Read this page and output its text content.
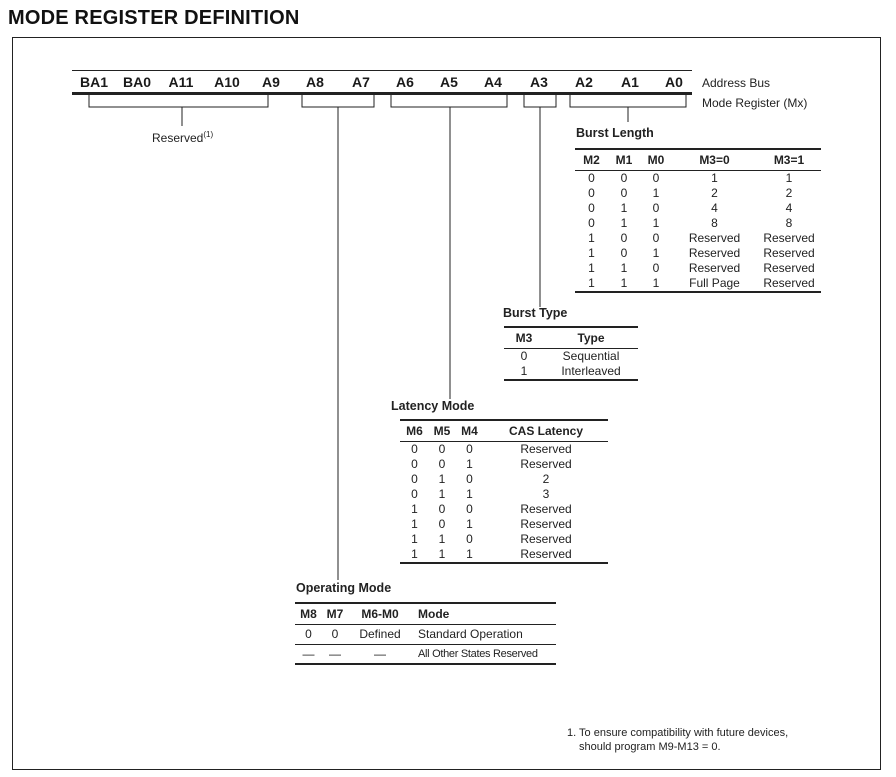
MODE REGISTER DEFINITION
BA1	BA0	A11	A10	A9	A8	A7	A6	A5	A4	A3	A2	A1	A0	Address Bus
Mode Register (Mx)
Reserved$^{(1)}$	Burst Length
M2	M1	M0	M3=0	M3=1
0	0	0	1	1
0	0	1	2	2
0	1	0	4	4
0	1	1	8	8
1	0	0	Reserved	Reserved
1	0	1	Reserved	Reserved
1	1	0	Reserved	Reserved
1	1	1	Full Page	Reserved
Burst Type
M3	Type
0	Sequential
1	Interleaved
Latency Mode
M6	M5	M4	CAS Latency
0	0	0	Reserved
0	0	1	Reserved
0	1	0	2
0	1	1	3
1	0	0	Reserved
1	0	1	Reserved
1	1	0	Reserved
1	1	1	Reserved
Operating Mode
M8	M7	M6-M0	Mode
0	0	Defined	Standard Operation
—	—	—	All Other States Reserved
1. To ensure compatibility with future devices,
should program M9-M13 = 0.
